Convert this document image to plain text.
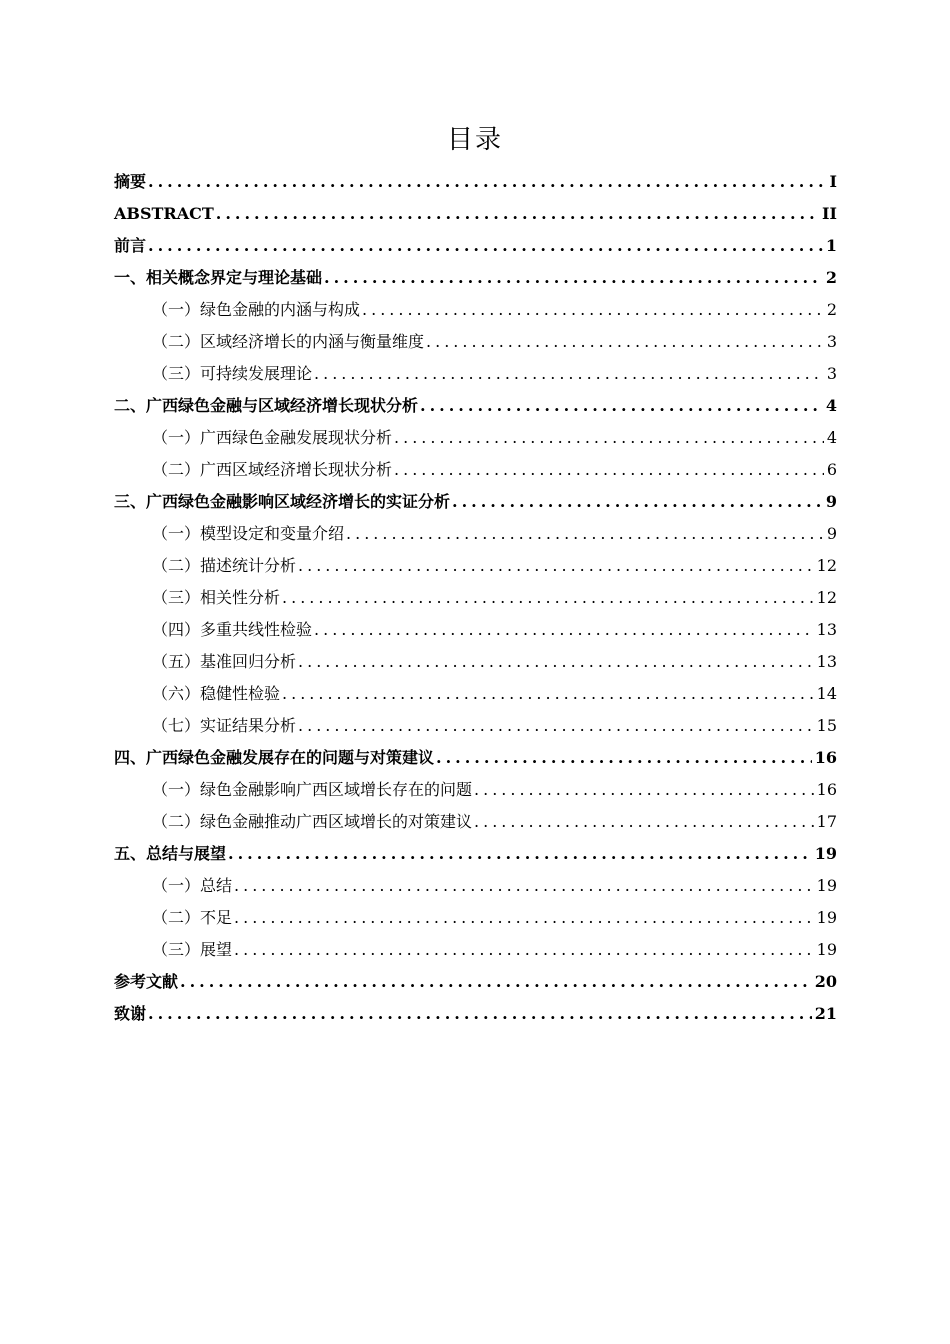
目录
摘要 .....	I
ABSTRACT .....	II
前言 .....	1
一、相关概念界定与理论基础 .....	2
（一）绿色金融的内涵与构成 .....	2
（二）区域经济增长的内涵与衡量维度 .....	3
（三）可持续发展理论 .....	3
二、广西绿色金融与区域经济增长现状分析 .....	4
（一）广西绿色金融发展现状分析 .....	4
（二）广西区域经济增长现状分析 .....	6
三、广西绿色金融影响区域经济增长的实证分析 .....	9
（一）模型设定和变量介绍 .....	9
（二）描述统计分析 .....	12
（三）相关性分析 .....	12
（四）多重共线性检验 .....	13
（五）基准回归分析 .....	13
（六）稳健性检验 .....	14
（七）实证结果分析 .....	15
四、广西绿色金融发展存在的问题与对策建议 .....	16
（一）绿色金融影响广西区域增长存在的问题 .....	16
（二）绿色金融推动广西区域增长的对策建议 .....	17
五、总结与展望 .....	19
（一）总结 .....	19
（二）不足 .....	19
（三）展望 .....	19
参考文献 .....	20
致谢 .....	21
